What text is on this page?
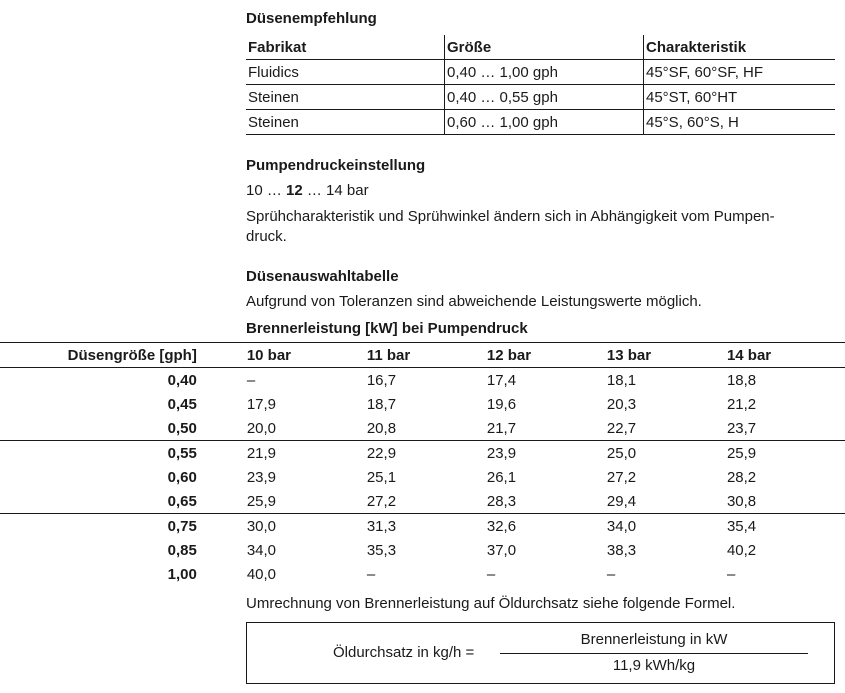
Düsenempfehlung
Fabrikat	Größe	Charakteristik
Fluidics	0,40 … 1,00 gph	45°SF, 60°SF, HF
Steinen	0,40 … 0,55 gph	45°ST, 60°HT
Steinen	0,60 … 1,00 gph	45°S, 60°S, H
Pumpendruckeinstellung
10 … 12 … 14 bar
Sprühcharakteristik und Sprühwinkel ändern sich in Abhängigkeit vom Pumpen-
druck.
Düsenauswahltabelle
Aufgrund von Toleranzen sind abweichende Leistungswerte möglich.
Brennerleistung [kW] bei Pumpendruck
Düsengröße [gph]	10 bar	11 bar	12 bar	13 bar	14 bar
0,40	–	16,7	17,4	18,1	18,8
0,45	17,9	18,7	19,6	20,3	21,2
0,50	20,0	20,8	21,7	22,7	23,7
0,55	21,9	22,9	23,9	25,0	25,9
0,60	23,9	25,1	26,1	27,2	28,2
0,65	25,9	27,2	28,3	29,4	30,8
0,75	30,0	31,3	32,6	34,0	35,4
0,85	34,0	35,3	37,0	38,3	40,2
1,00	40,0	–	–	–	–
Umrechnung von Brennerleistung auf Öldurchsatz siehe folgende Formel.
Öldurchsatz in kg/h =
Brennerleistung in kW
11,9 kWh/kg
